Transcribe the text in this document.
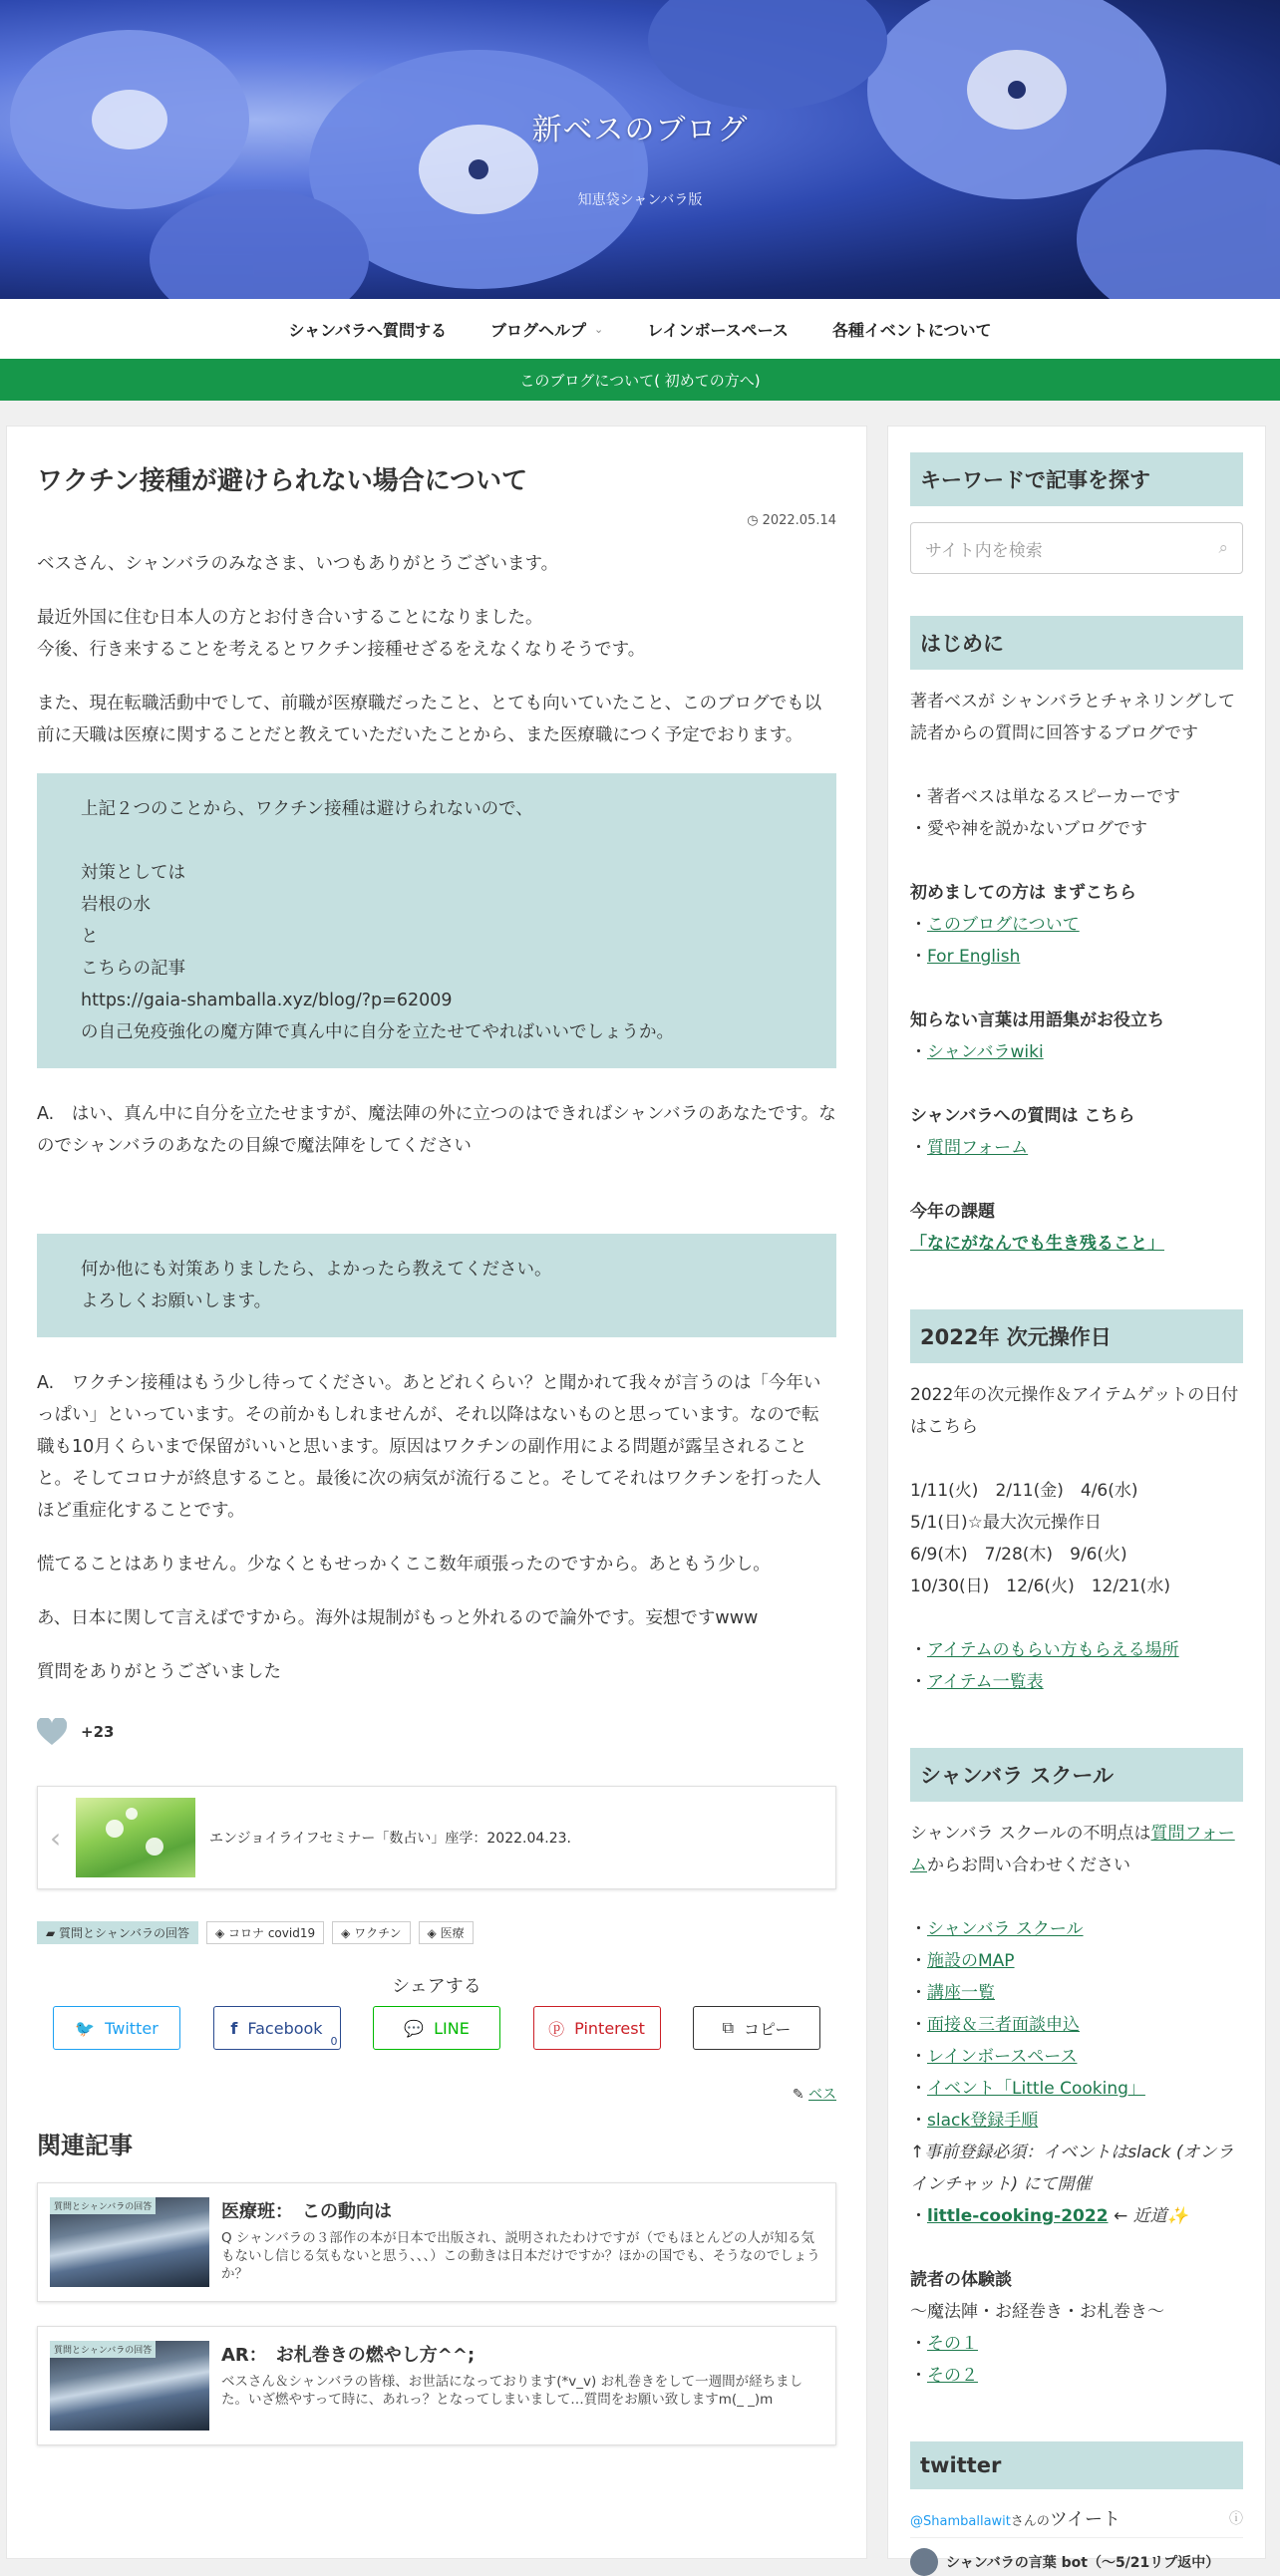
新ベスのブログ
知恵袋シャンバラ版
シャンバラへ質問する	ブログヘルプ ⌄	レインボースペース	各種イベントについて
このブログについて( 初めての方へ)
ワクチン接種が避けられない場合について
◷ 2022.05.14

ベスさん、シャンバラのみなさま、いつもありがとうございます。

最近外国に住む日本人の方とお付き合いすることになりました。
今後、行き来することを考えるとワクチン接種せざるをえなくなりそうです。

また、現在転職活動中でして、前職が医療職だったこと、とても向いていたこと、このブログでも以前に天職は医療に関することだと教えていただいたことから、また医療職につく予定でおります。

上記２つのことから、ワクチン接種は避けられないので、
対策としては
岩根の水
と
こちらの記事
https://gaia-shamballa.xyz/blog/?p=62009
の自己免疫強化の魔方陣で真ん中に自分を立たせてやればいいでしょうか。

A.　はい、真ん中に自分を立たせますが、魔法陣の外に立つのはできればシャンバラのあなたです。なのでシャンバラのあなたの目線で魔法陣をしてください

何か他にも対策ありましたら、よかったら教えてください。
よろしくお願いします。

A.　ワクチン接種はもう少し待ってください。あとどれくらい？と聞かれて我々が言うのは「今年いっぱい」といっています。その前かもしれませんが、それ以降はないものと思っています。なので転職も10月くらいまで保留がいいと思います。原因はワクチンの副作用による問題が露呈されることと。そしてコロナが終息すること。最後に次の病気が流行ること。そしてそれはワクチンを打った人ほど重症化することです。

慌てることはありません。少なくともせっかくここ数年頑張ったのですから。あともう少し。

あ、日本に関して言えばですから。海外は規制がもっと外れるので論外です。妄想ですwww

質問をありがとうございました

+23
‹	エンジョイライフセミナー「数占い」座学：2022.04.23.
▰ 質問とシャンバラの回答	◈ コロナ covid19	◈ ワクチン	◈ 医療
シェアする
🐦 Twitter	f Facebook
0
💬 LINE	ⓟ Pinterest	⧉ コピー
✎ ベス
関連記事
質問とシャンバラの回答	医療班：　この動向は
Q シャンバラの３部作の本が日本で出版され、説明されたわけですが（でもほとんどの人が知る気もないし信じる気もないと思う、、、）この動きは日本だけですか？ほかの国でも、そうなのでしょうか？
質問とシャンバラの回答	AR：　お札巻きの燃やし方^^;
ベスさん＆シャンバラの皆様、お世話になっております(*v_v) お札巻きをして一週間が経ちました。いざ燃やすって時に、あれっ？となってしまいまして…質問をお願い致しますm(_ _)m
キーワードで記事を探す
サイト内を検索	⌕
はじめに
著者ベスが シャンバラとチャネリングして 読者からの質問に回答するブログです
・著者ベスは単なるスピーカーです
・愛や神を説かないブログです
初めましての方は まずこちら
・このブログについて
・For English
知らない言葉は用語集がお役立ち
・シャンバラwiki
シャンバラへの質問は こちら
・質問フォーム
今年の課題
「なにがなんでも生き残ること」
2022年 次元操作日
2022年の次元操作＆アイテムゲットの日付はこちら
1/11(火)　2/11(金)　4/6(水)
5/1(日)☆最大次元操作日
6/9(木)　7/28(木)　9/6(火)
10/30(日)　12/6(火)　12/21(水)
・アイテムのもらい方もらえる場所
・アイテム一覧表
シャンバラ スクール
シャンバラ スクールの不明点は質問フォームからお問い合わせください
・シャンバラ スクール
・施設のMAP
・講座一覧
・面接＆三者面談申込
・レインボースペース
・イベント「Little Cooking」
・slack登録手順
↑事前登録必須：イベントはslack (オンラインチャット) にて開催
・little-cooking-2022 ← 近道✨
読者の体験談
〜魔法陣・お経巻き・お札巻き〜
・その１
・その２
twitter
@Shamballawitさんのツイート	ⓘ
シャンバラの言葉 bot（～5/21リプ返中）
